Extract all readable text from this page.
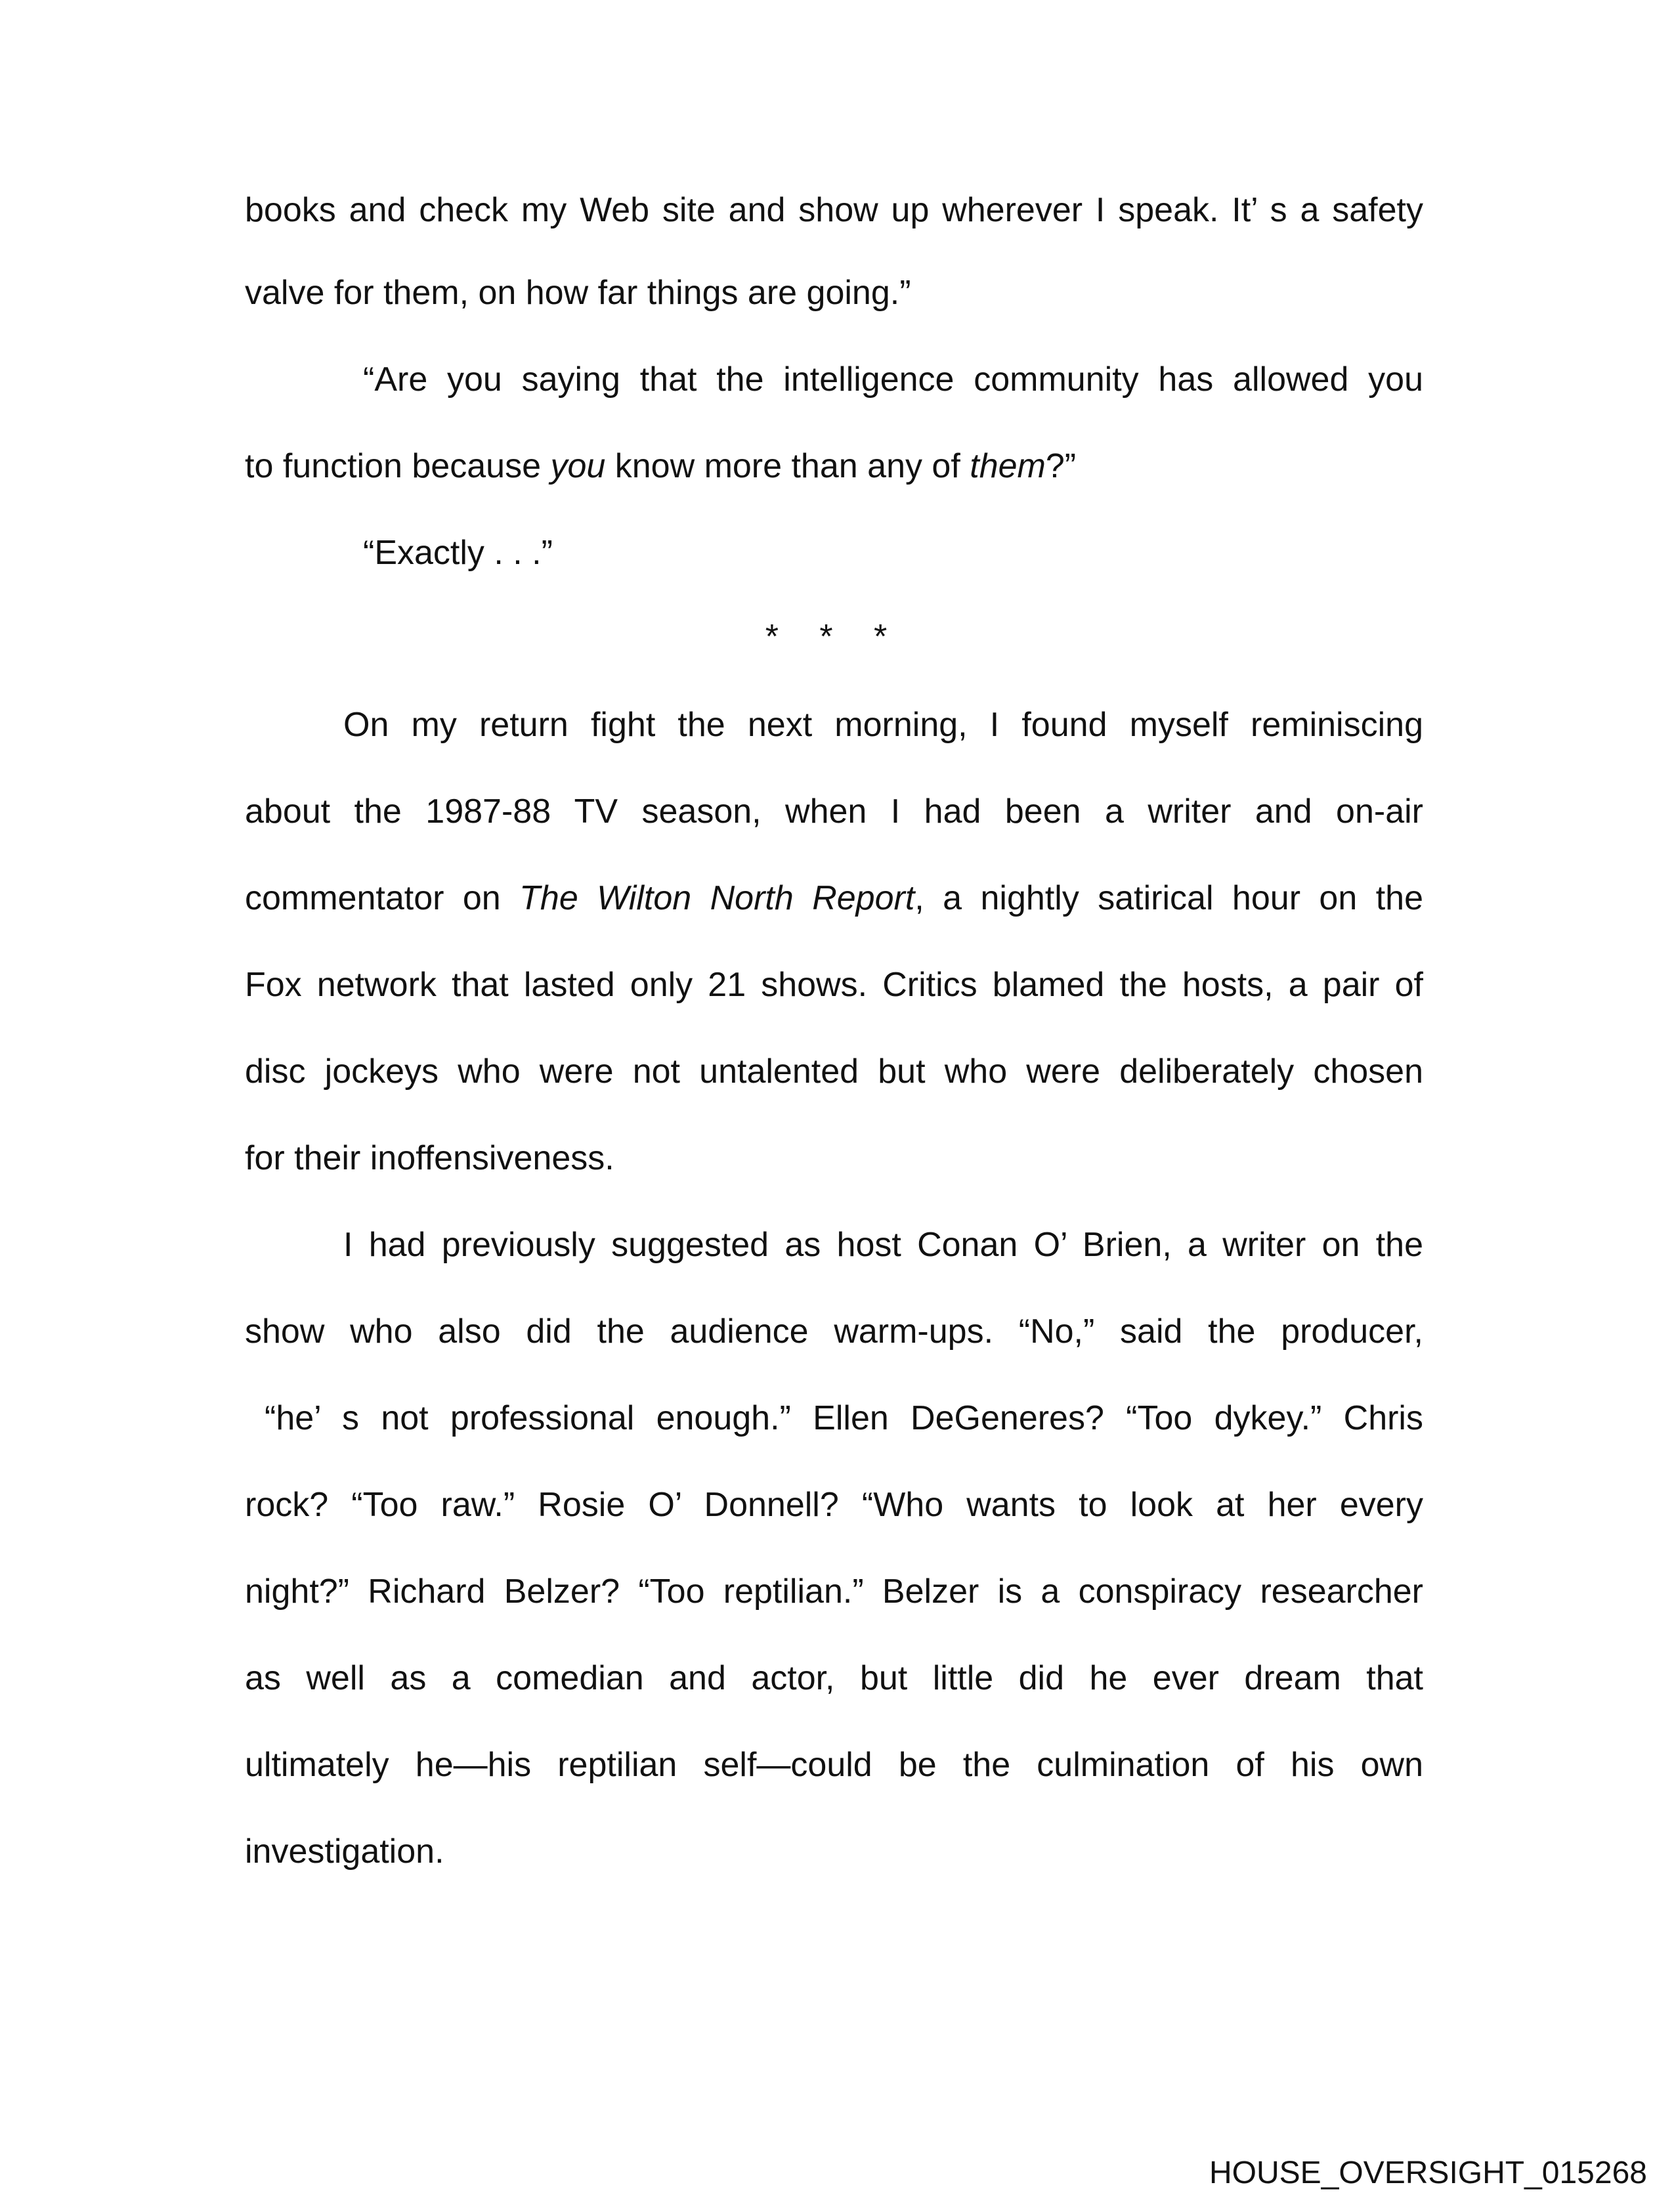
books and check my Web site and show up wherever I speak. It’ s a safety
valve for them, on how far things are going.”
“Are you saying that the intelligence community has allowed you
to function because you know more than any of them?”
“Exactly . . .”
* * *
On my return fight the next morning, I found myself reminiscing
about the 1987-88 TV season, when I had been a writer and on-air
commentator on The Wilton North Report, a nightly satirical hour on the
Fox network that lasted only 21 shows. Critics blamed the hosts, a pair of
disc jockeys who were not untalented but who were deliberately chosen
for their inoffensiveness.
I had previously suggested as host Conan O’ Brien, a writer on the
show who also did the audience warm-ups. “No,” said the producer,
“he’ s not professional enough.” Ellen DeGeneres? “Too dykey.” Chris
rock? “Too raw.” Rosie O’ Donnell? “Who wants to look at her every
night?” Richard Belzer? “Too reptilian.” Belzer is a conspiracy researcher
as well as a comedian and actor, but little did he ever dream that
ultimately he—his reptilian self—could be the culmination of his own
investigation.
HOUSE_OVERSIGHT_015268
